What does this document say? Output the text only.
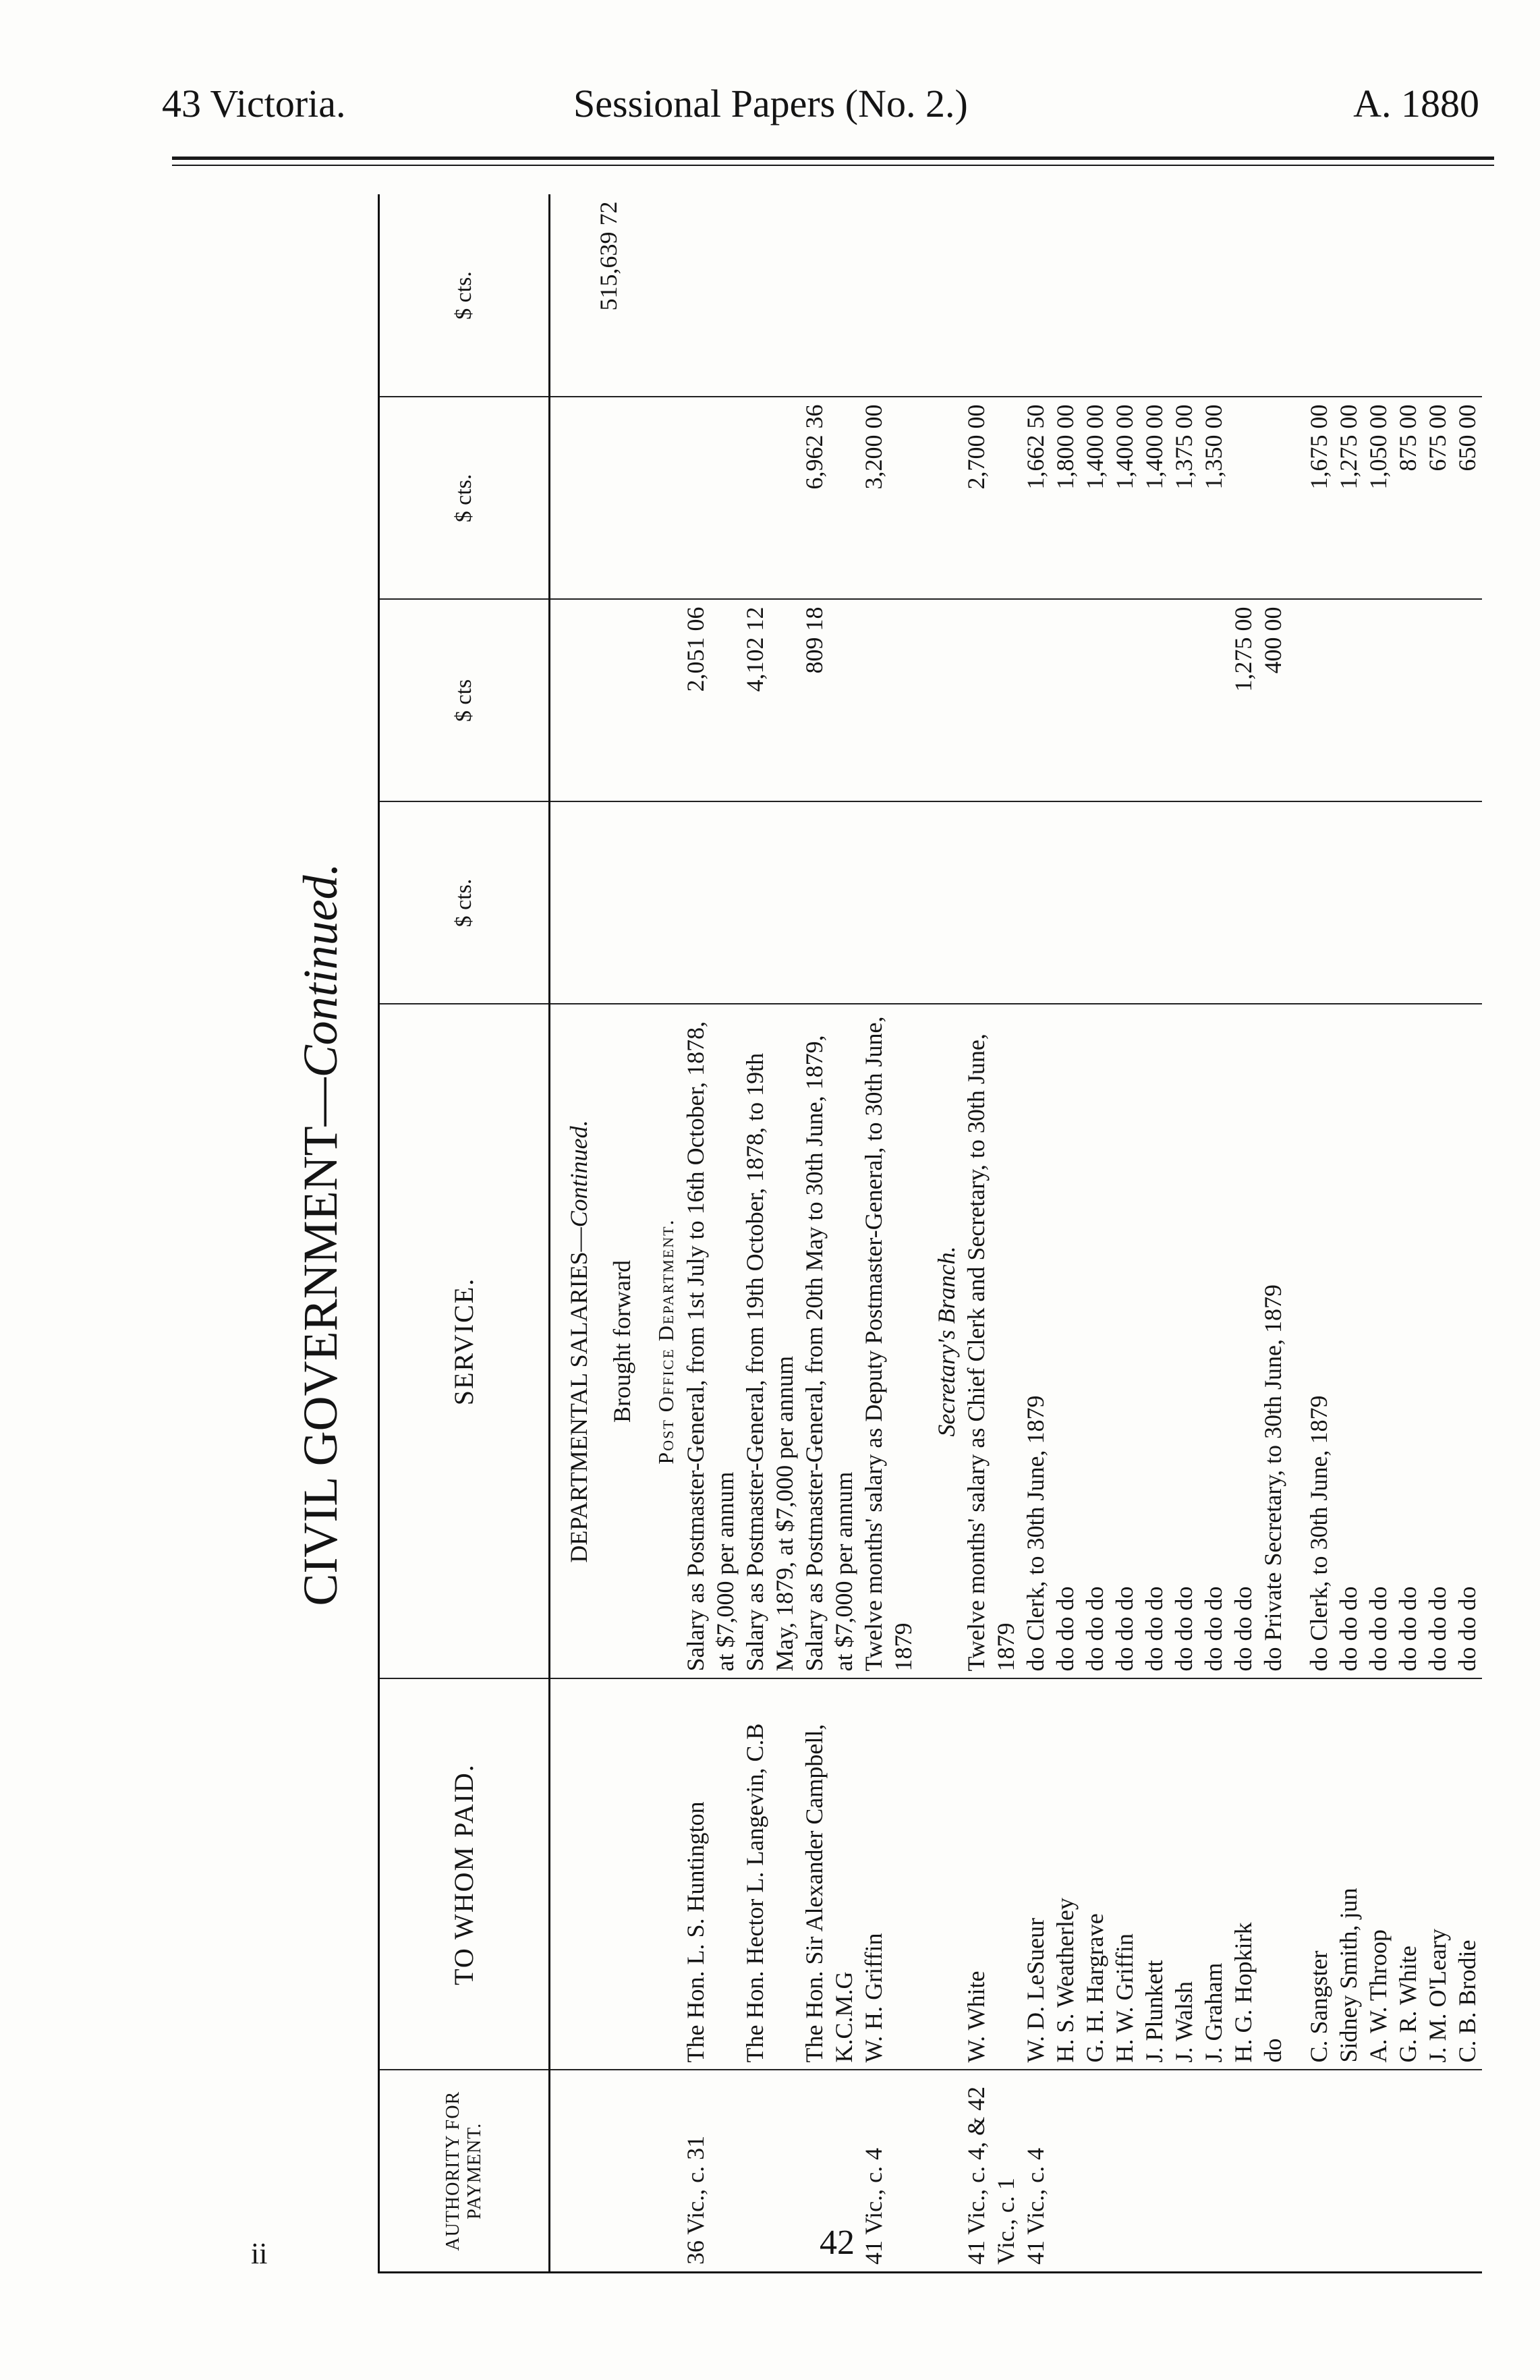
43 Victoria.	Sessional Papers (No. 2.)	A. 1880
ii	42
CIVIL GOVERNMENT—Continued.
AUTHORITY FOR PAYMENT.	TO WHOM PAID.	SERVICE.	$ cts.	$ cts	$ cts.	$ cts.
		DEPARTMENTAL SALARIES—Continued.				
		Brought forward				515,639 72
		Post Office Department.				
36 Vic., c. 31	The Hon. L. S. Huntington	Salary as Postmaster-General, from 1st July to 16th October, 1878, at $7,000 per annum		2,051 06		
	The Hon. Hector L. Langevin, C.B	Salary as Postmaster-General, from 19th October, 1878, to 19th May, 1879, at $7,000 per annum		4,102 12		
	The Hon. Sir Alexander Campbell, K.C.M.G	Salary as Postmaster-General, from 20th May to 30th June, 1879, at $7,000 per annum		809 18	6,962 36	
41 Vic., c. 4	W. H. Griffin	Twelve months' salary as Deputy Postmaster-General, to 30th June, 1879			3,200 00	
		Secretary's Branch.				
41 Vic., c. 4, & 42 Vic., c. 1	W. White	Twelve months' salary as Chief Clerk and Secretary, to 30th June, 1879			2,700 00	
41 Vic., c. 4	W. D. LeSueur	do Clerk, to 30th June, 1879			1,662 50	
	H. S. Weatherley	do do do			1,800 00	
	G. H. Hargrave	do do do			1,400 00	
	H. W. Griffin	do do do			1,400 00	
	J. Plunkett	do do do			1,400 00	
	J. Walsh	do do do			1,375 00	
	J. Graham	do do do			1,350 00	
	H. G. Hopkirk	do do do		1,275 00		
	do	do Private Secretary, to 30th June, 1879		400 00		

	C. Sangster	do Clerk, to 30th June, 1879			1,675 00	
	Sidney Smith, jun	do do do			1,275 00	
	A. W. Throop	do do do			1,050 00	
	G. R. White	do do do			875 00	
	J. M. O'Leary	do do do			675 00	
	C. B. Brodie	do do do			650 00	
